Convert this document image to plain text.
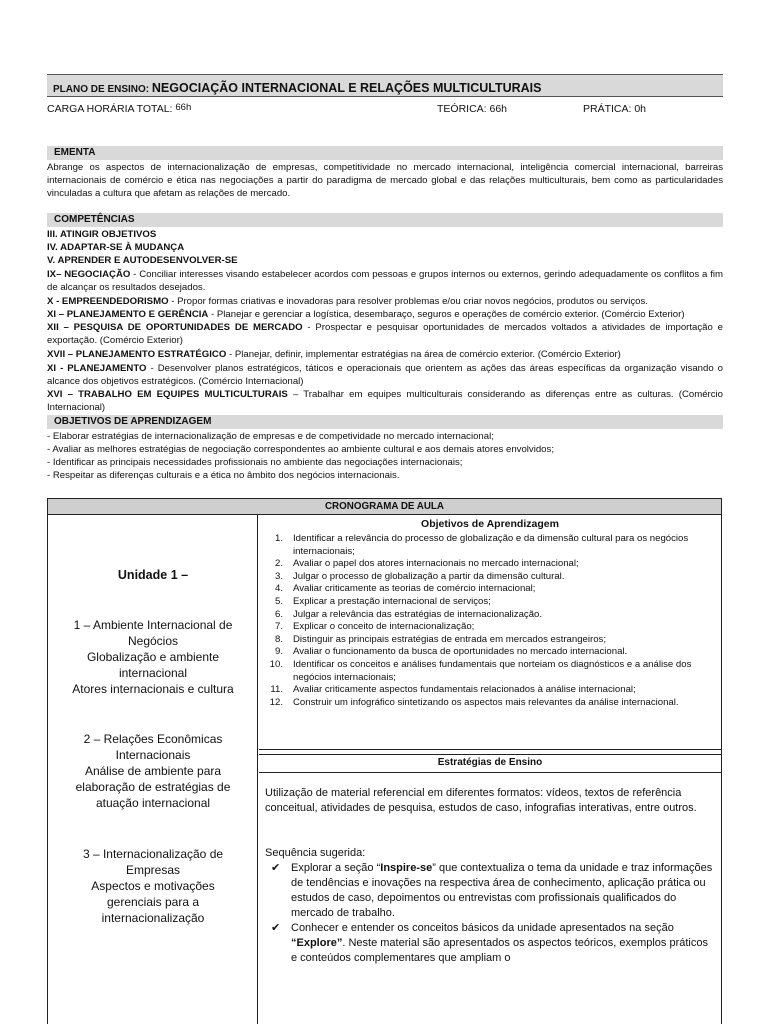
PLANO DE ENSINO: NEGOCIAÇÃO INTERNACIONAL E RELAÇÕES MULTICULTURAIS
CARGA HORÁRIA TOTAL: 66h	TEÓRICA: 66h	PRÁTICA: 0h
EMENTA
Abrange os aspectos de internacionalização de empresas, competitividade no mercado internacional, inteligência comercial internacional, barreiras internacionais de comércio e ética nas negociações a partir do paradigma de mercado global e das relações multiculturais, bem como as particularidades vinculadas a cultura que afetam as relações de mercado.
COMPETÊNCIAS
III. ATINGIR OBJETIVOS
IV. ADAPTAR-SE À MUDANÇA
V. APRENDER E AUTODESENVOLVER-SE
IX– NEGOCIAÇÃO - Conciliar interesses visando estabelecer acordos com pessoas e grupos internos ou externos, gerindo adequadamente os conflitos a fim de alcançar os resultados desejados.
X - EMPREENDEDORISMO - Propor formas criativas e inovadoras para resolver problemas e/ou criar novos negócios, produtos ou serviços.
XI – PLANEJAMENTO E GERÊNCIA - Planejar e gerenciar a logística, desembaraço, seguros e operações de comércio exterior. (Comércio Exterior)
XII – PESQUISA DE OPORTUNIDADES DE MERCADO - Prospectar e pesquisar oportunidades de mercados voltados a atividades de importação e exportação. (Comércio Exterior)
XVII – PLANEJAMENTO ESTRATÉGICO - Planejar, definir, implementar estratégias na área de comércio exterior. (Comércio Exterior)
XI - PLANEJAMENTO - Desenvolver planos estratégicos, táticos e operacionais que orientem as ações das áreas específicas da organização visando o alcance dos objetivos estratégicos. (Comércio Internacional)
XVI – TRABALHO EM EQUIPES MULTICULTURAIS – Trabalhar em equipes multiculturais considerando as diferenças entre as culturas. (Comércio Internacional)
OBJETIVOS DE APRENDIZAGEM
- Elaborar estratégias de internacionalização de empresas e de competividade no mercado internacional;
- Avaliar as melhores estratégias de negociação correspondentes ao ambiente cultural e aos demais atores envolvidos;
- Identificar as principais necessidades profissionais no ambiente das negociações internacionais;
- Respeitar as diferenças culturais e a ética no âmbito dos negócios internacionais.
CRONOGRAMA DE AULA
Unidade 1 –
1 – Ambiente Internacional de Negócios
Globalização e ambiente internacional
Atores internacionais e cultura
2 – Relações Econômicas Internacionais
Análise de ambiente para elaboração de estratégias de atuação internacional
3 – Internacionalização de Empresas
Aspectos e motivações gerenciais para a internacionalização
Objetivos de Aprendizagem
1. Identificar a relevância do processo de globalização e da dimensão cultural para os negócios internacionais;
2. Avaliar o papel dos atores internacionais no mercado internacional;
3. Julgar o processo de globalização a partir da dimensão cultural.
4. Avaliar criticamente as teorias de comércio internacional;
5. Explicar a prestação internacional de serviços;
6. Julgar a relevância das estratégias de internacionalização.
7. Explicar o conceito de internacionalização;
8. Distinguir as principais estratégias de entrada em mercados estrangeiros;
9. Avaliar o funcionamento da busca de oportunidades no mercado internacional.
10. Identificar os conceitos e análises fundamentais que norteiam os diagnósticos e a análise dos negócios internacionais;
11. Avaliar criticamente aspectos fundamentais relacionados à análise internacional;
12. Construir um infográfico sintetizando os aspectos mais relevantes da análise internacional.
Estratégias de Ensino
Utilização de material referencial em diferentes formatos: vídeos, textos de referência conceitual, atividades de pesquisa, estudos de caso, infografias interativas, entre outros.
Sequência sugerida:
✔ Explorar a seção “Inspire-se” que contextualiza o tema da unidade e traz informações de tendências e inovações na respectiva área de conhecimento, aplicação prática ou estudos de caso, depoimentos ou entrevistas com profissionais qualificados do mercado de trabalho.
✔ Conhecer e entender os conceitos básicos da unidade apresentados na seção “Explore”. Neste material são apresentados os aspectos teóricos, exemplos práticos e conteúdos complementares que ampliam o
